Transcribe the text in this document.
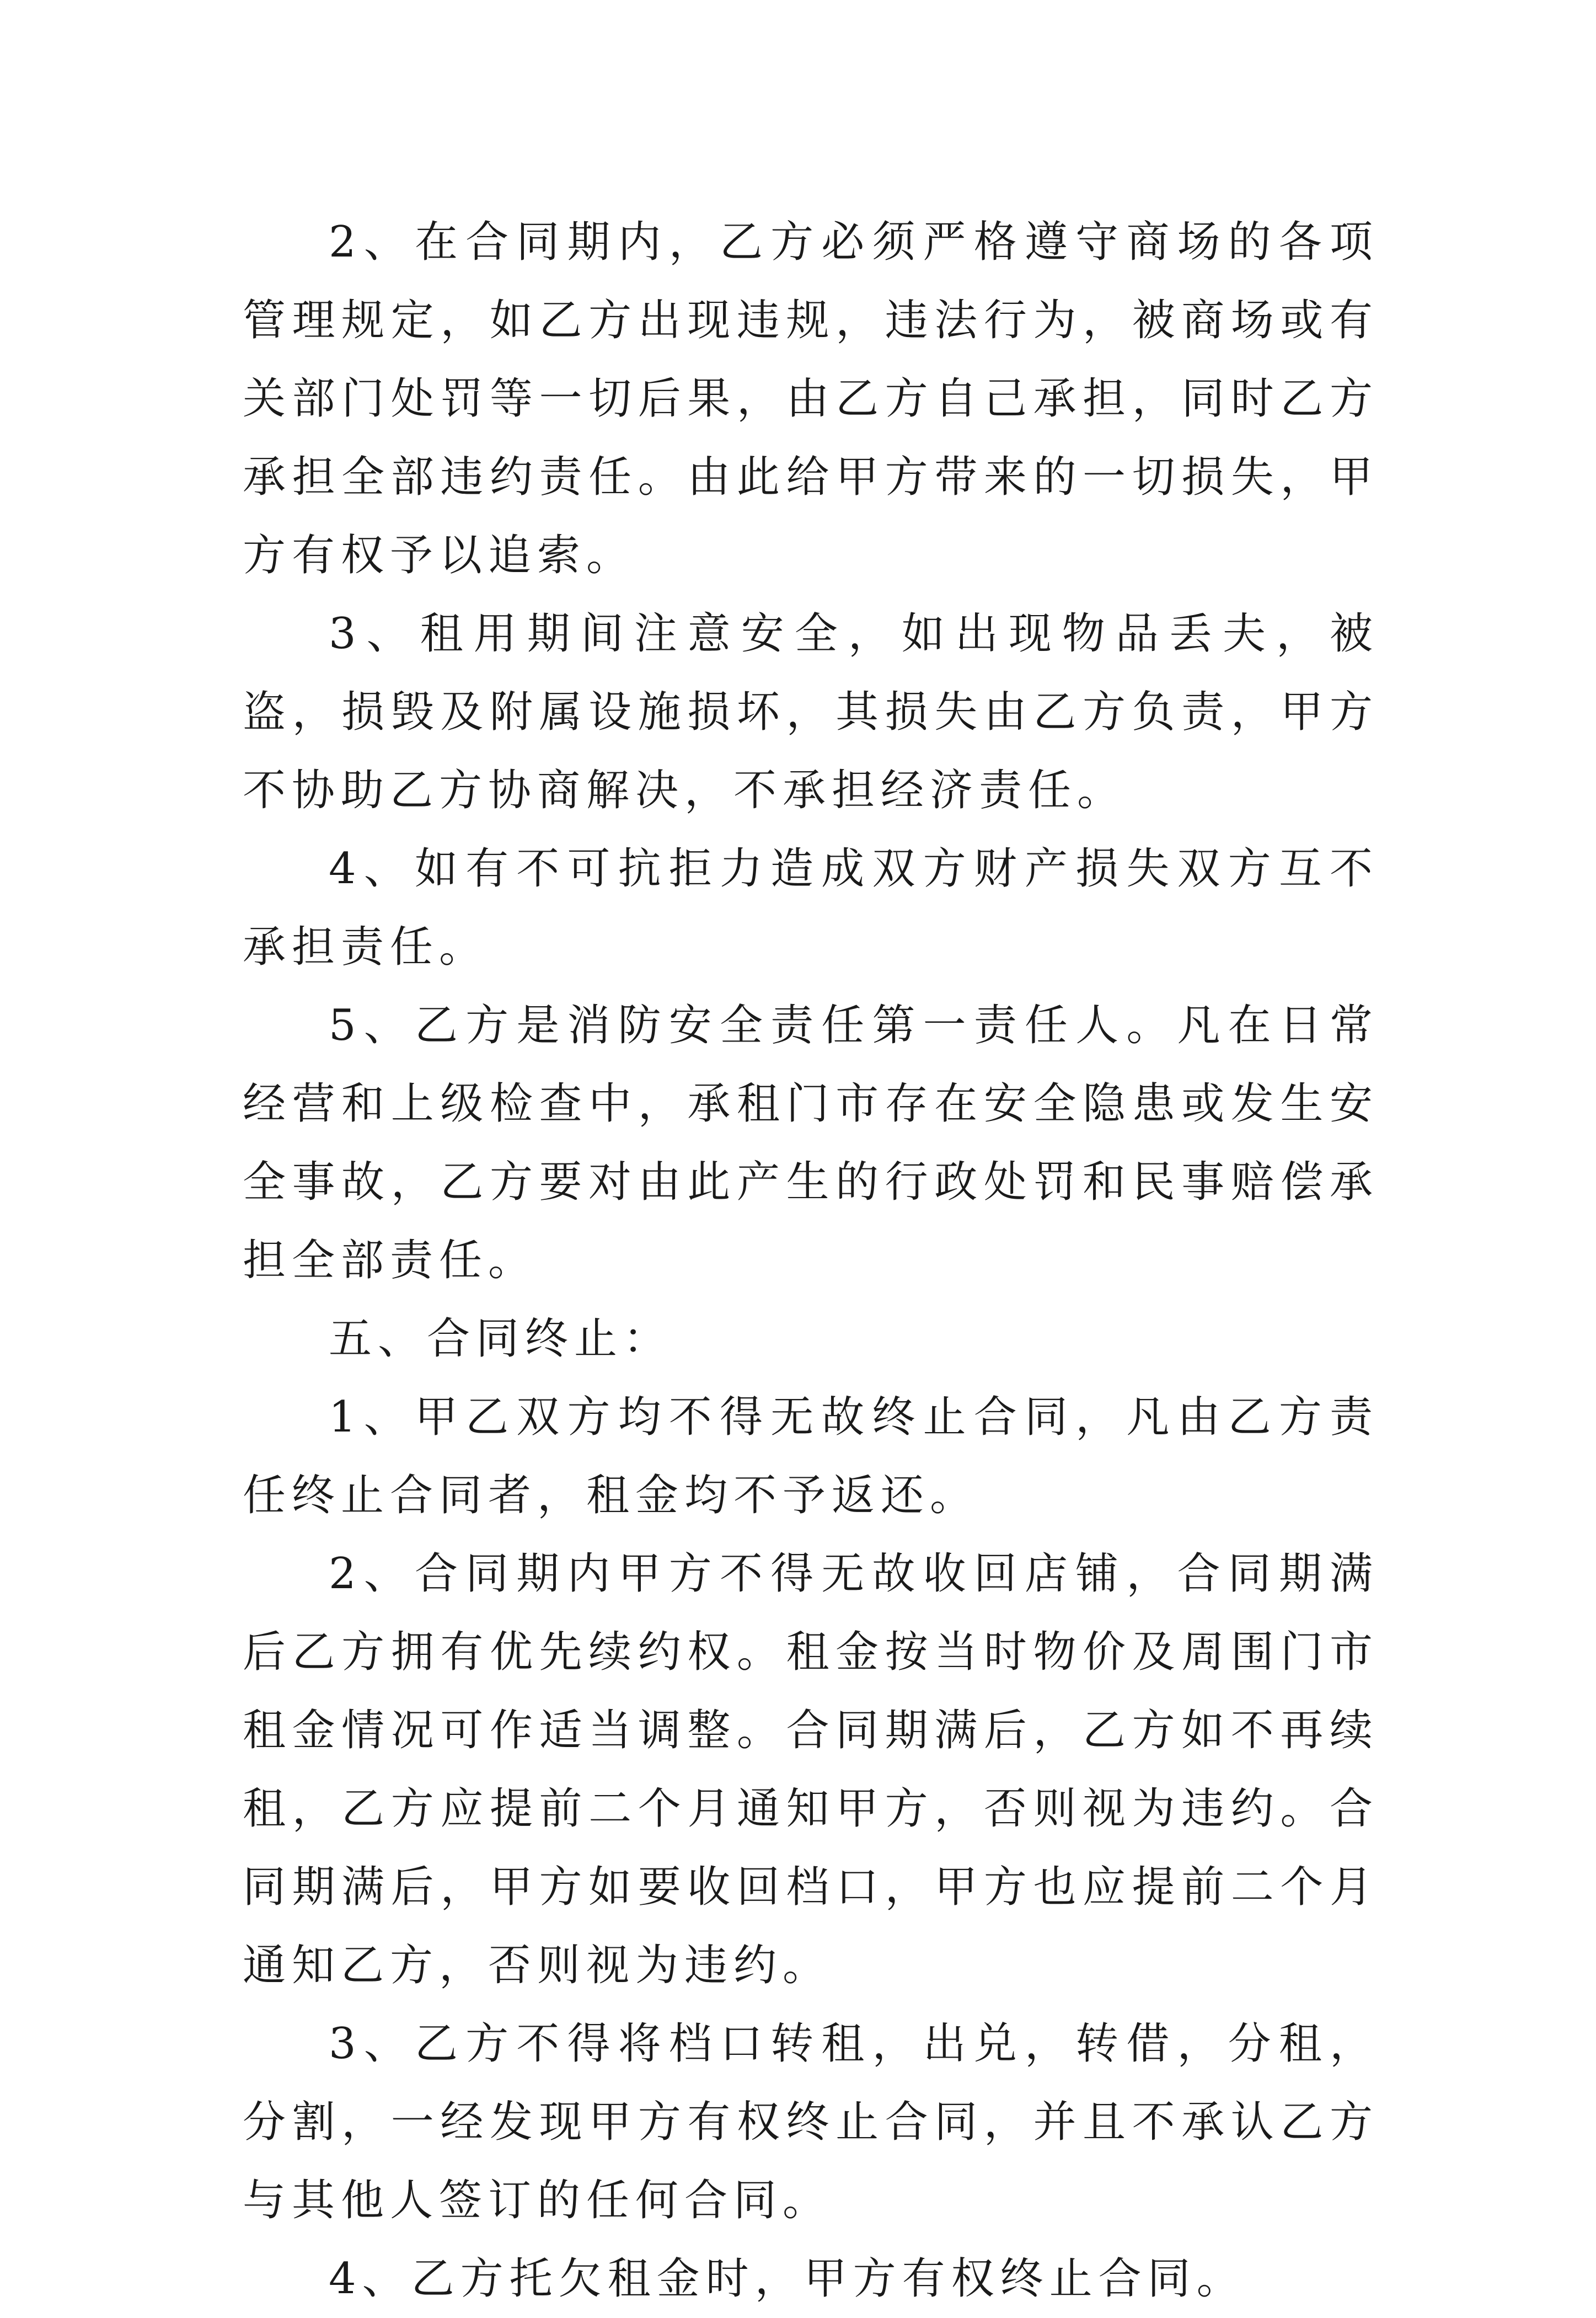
2、在合同期内，乙方必须严格遵守商场的各项管理规定，如乙方出现违规，违法行为，被商场或有关部门处罚等一切后果，由乙方自己承担，同时乙方承担全部违约责任。由此给甲方带来的一切损失，甲方有权予以追索。

3、租用期间注意安全，如出现物品丢夫，被盗，损毁及附属设施损坏，其损失由乙方负责，甲方不协助乙方协商解决，不承担经济责任。

4、如有不可抗拒力造成双方财产损失双方互不承担责任。

5、乙方是消防安全责任第一责任人。凡在日常经营和上级检查中，承租门市存在安全隐患或发生安全事故，乙方要对由此产生的行政处罚和民事赔偿承担全部责任。

五、合同终止：

1、甲乙双方均不得无故终止合同，凡由乙方责任终止合同者，租金均不予返还。

2、合同期内甲方不得无故收回店铺，合同期满后乙方拥有优先续约权。租金按当时物价及周围门市租金情况可作适当调整。合同期满后，乙方如不再续租，乙方应提前二个月通知甲方，否则视为违约。合同期满后，甲方如要收回档口，甲方也应提前二个月通知乙方，否则视为违约。

3、乙方不得将档口转租，出兑，转借，分租，分割，一经发现甲方有权终止合同，并且不承认乙方与其他人签订的任何合同。

4、乙方托欠租金时，甲方有权终止合同。
